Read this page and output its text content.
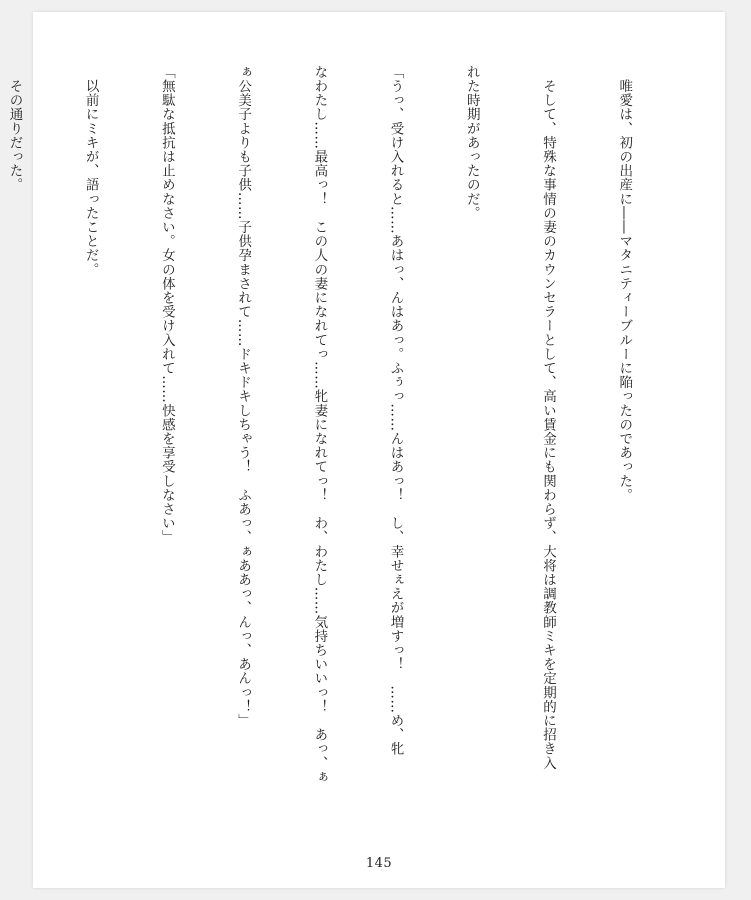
　唯愛は、初の出産に――マタニティーブルーに陥ったのであった。

　そして、特殊な事情の妻のカウンセラーとして、高い賃金にも関わらず、大将は調教師ミキを定期的に招き入

れた時期があったのだ。

「うっ、受け入れると……あはっ、んはあっ。ふぅっ……んはあっ！　し、幸せぇえが増すっ！　……め、牝

なわたし……最高っ！　この人の妻になれてっ……牝妻になれてっ！　わ、わたし……気持ちいいっ！　あっ、ぁ

ぁ公美子よりも子供……子供孕まされて……ドキドキしちゃう！　ふあっ、ぁああっ、んっ、あんっ！」

「無駄な抵抗は止めなさい。女の体を受け入れて……快感を享受しなさい」

　以前にミキが、語ったことだ。

　その通りだった。

145
